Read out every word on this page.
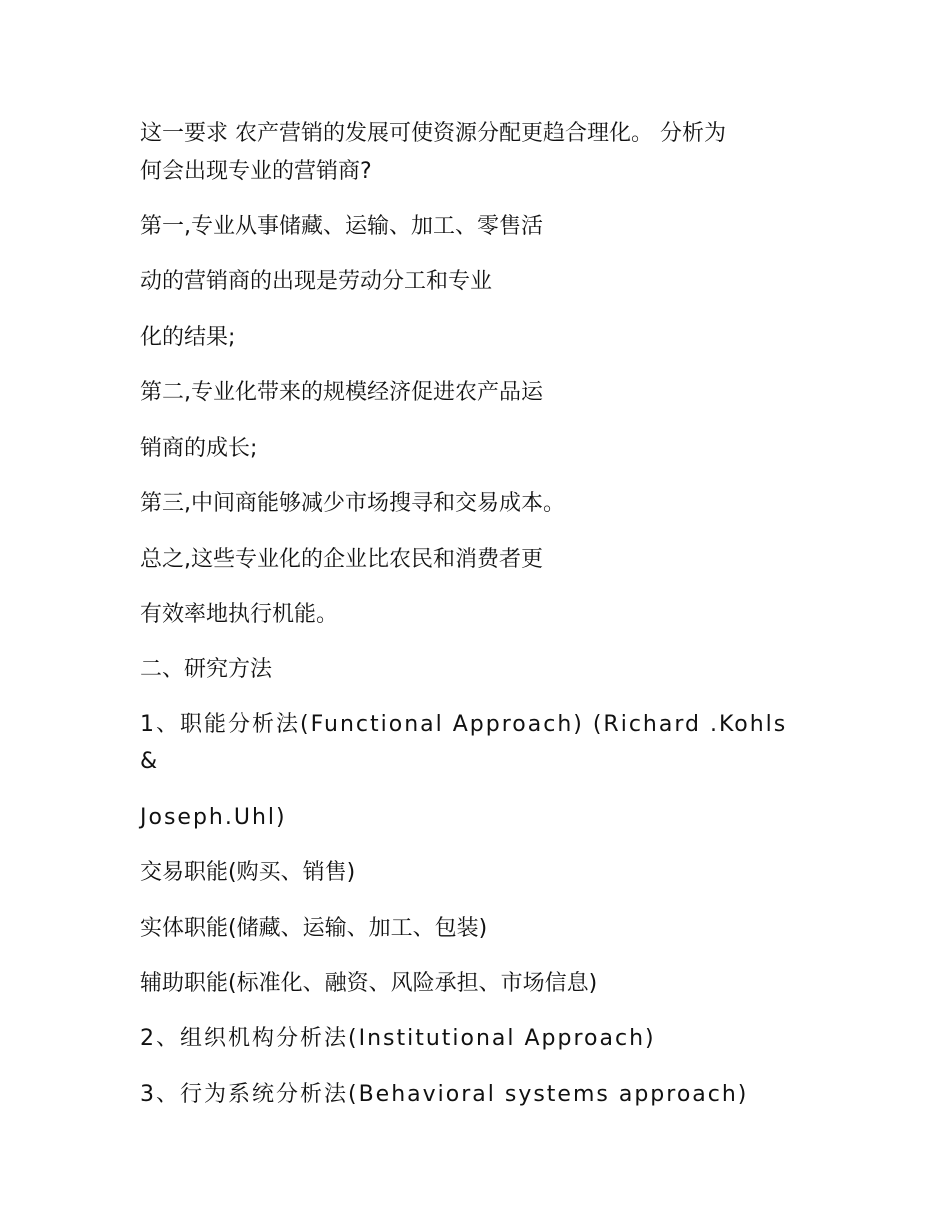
这一要求 农产营销的发展可使资源分配更趋合理化。 分析为

何会出现专业的营销商?

第一,专业从事储藏、运输、加工、零售活

动的营销商的出现是劳动分工和专业

化的结果;

第二,专业化带来的规模经济促进农产品运

销商的成长;

第三,中间商能够减少市场搜寻和交易成本。

总之,这些专业化的企业比农民和消费者更

有效率地执行机能。

二、研究方法

1、职能分析法(Functional Approach) (Richard .Kohls

&

Joseph.Uhl)

交易职能(购买、销售)

实体职能(储藏、运输、加工、包装)

辅助职能(标准化、融资、风险承担、市场信息)

2、组织机构分析法(Institutional Approach)

3、行为系统分析法(Behavioral systems approach)
